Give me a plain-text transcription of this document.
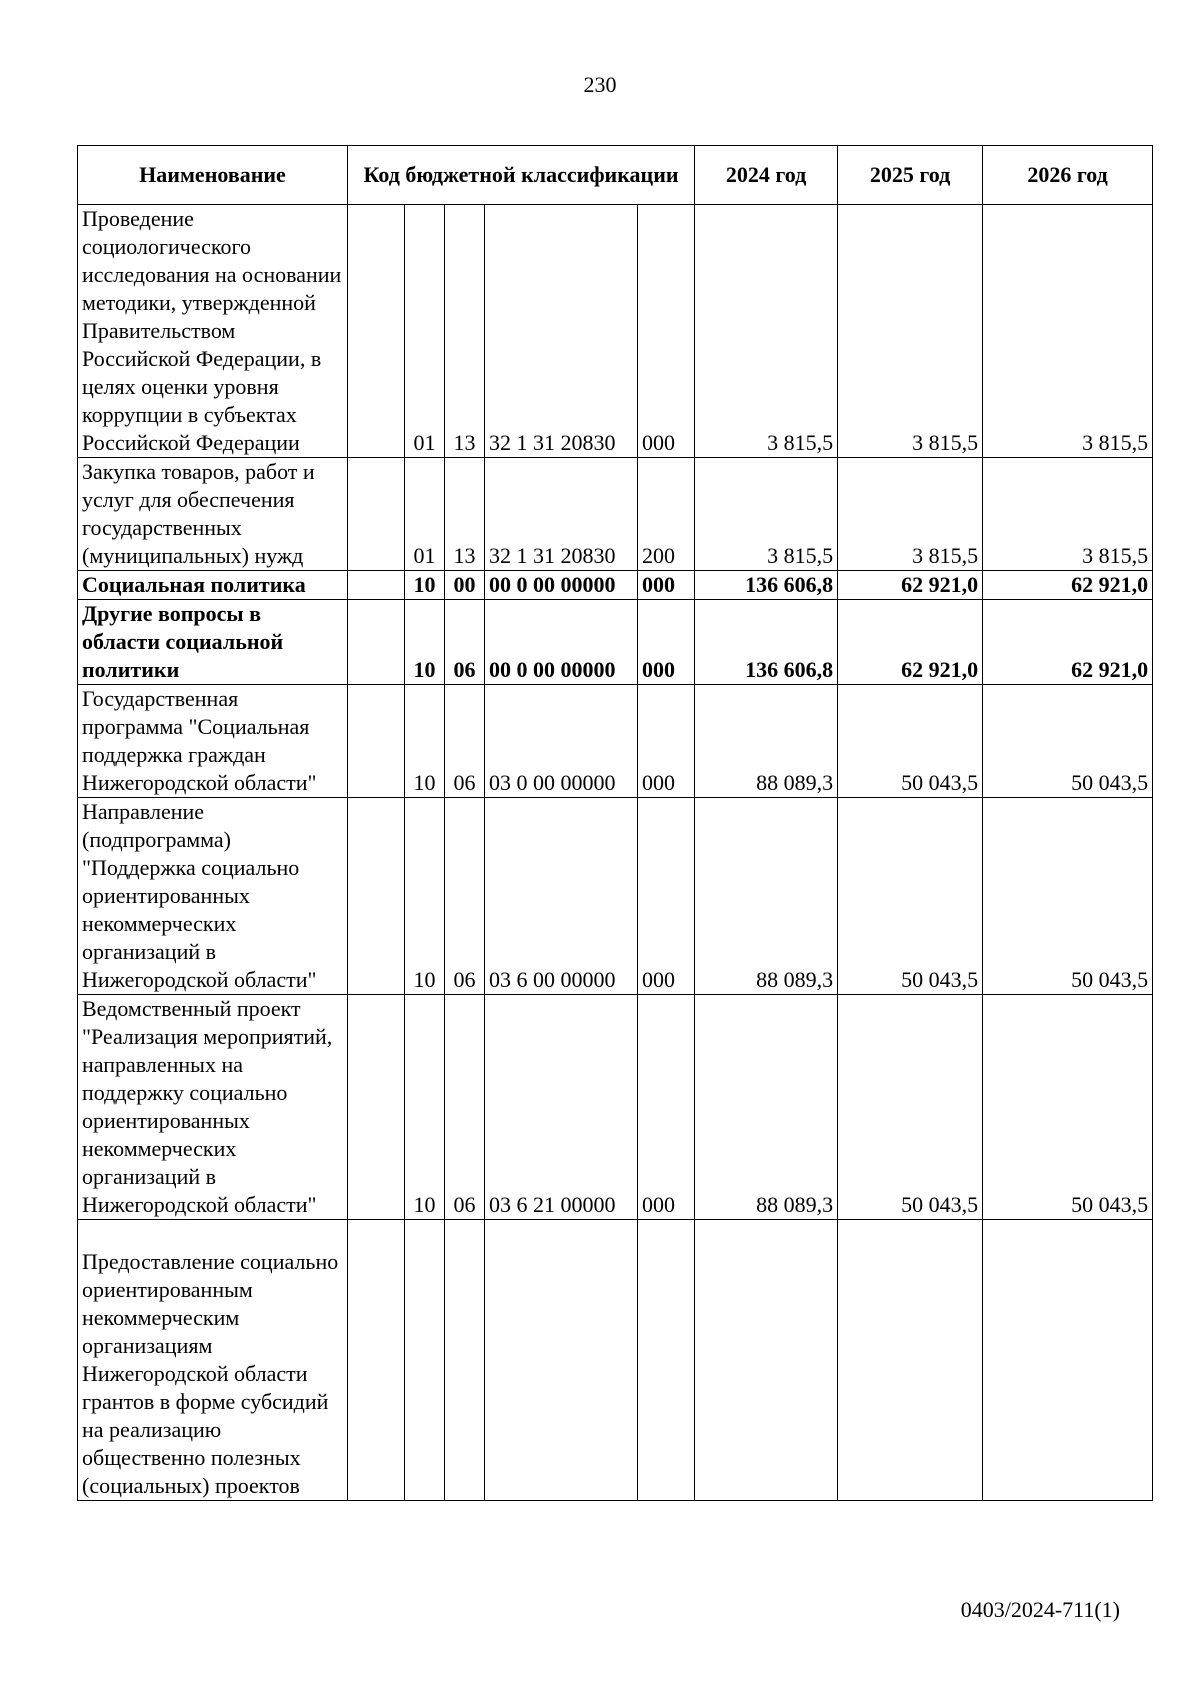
230
Наименование	Код бюджетной классификации					2024 год	2025 год	2026 год
Проведение социологического исследования на основании методики, утвержденной Правительством Российской Федерации, в целях оценки уровня коррупции в субъектах Российской Федерации		01	13	32 1 31 20830	000	3 815,5	3 815,5	3 815,5
Закупка товаров, работ и услуг для обеспечения государственных (муниципальных) нужд		01	13	32 1 31 20830	200	3 815,5	3 815,5	3 815,5
Социальная политика		10	00	00 0 00 00000	000	136 606,8	62 921,0	62 921,0
Другие вопросы в области социальной политики		10	06	00 0 00 00000	000	136 606,8	62 921,0	62 921,0
Государственная программа "Социальная поддержка граждан Нижегородской области"		10	06	03 0 00 00000	000	88 089,3	50 043,5	50 043,5
Направление (подпрограмма) "Поддержка социально ориентированных некоммерческих организаций в Нижегородской области"		10	06	03 6 00 00000	000	88 089,3	50 043,5	50 043,5
Ведомственный проект "Реализация мероприятий, направленных на поддержку социально ориентированных некоммерческих организаций в Нижегородской области"		10	06	03 6 21 00000	000	88 089,3	50 043,5	50 043,5
Предоставление социально ориентированным некоммерческим организациям Нижегородской области грантов в форме субсидий на реализацию общественно полезных (социальных) проектов								
0403/2024-711(1)
